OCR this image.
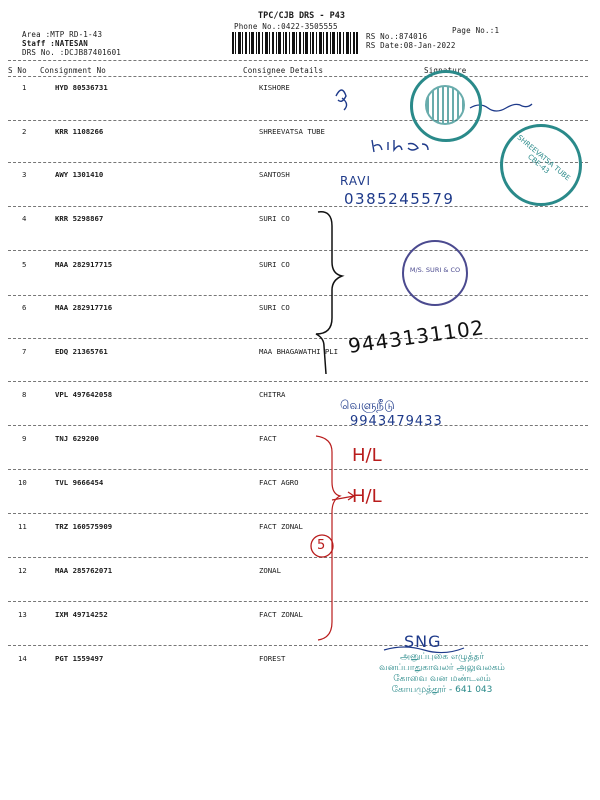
TPC/CJB DRS - P43
Phone No.:0422-3505555	Page No.:1
Area :MTP RD-1-43
Staff :NATESAN
DRS No. :DCJB87401601
RS No.:874016
RS Date:08-Jan-2022
S No Consignment No	Consignee Details	Signature
1	HYD 80536731	KISHORE
2	KRR 1108266	SHREEVATSA TUBE
3	AWY 1301410	SANTOSH
4	KRR 5298867	SURI CO
5	MAA 282917715	SURI CO
6	MAA 282917716	SURI CO
7	EDQ 21365761	MAA BHAGAWATHI PLI
8	VPL 497642058	CHITRA
9	TNJ 629200	FACT
10	TVL 9666454	FACT AGRO
11	TRZ 160575909	FACT ZONAL
12	MAA 285762071	ZONAL
13	IXM 49714252	FACT ZONAL
14	PGT 1559497	FOREST
RAVI
0385245579
9443131102
வெளுநீடு
9943479433
H/L
H/L
5
SNG
SHREEVATSA TUBE CBE-43
M/S. SURI & CO
அனுப்புகை எழுத்தர்
வனப்பாதுகாவலர் அலுவலகம்
கோவை வன மண்டலம்
கோயமுத்தூர் - 641 043
